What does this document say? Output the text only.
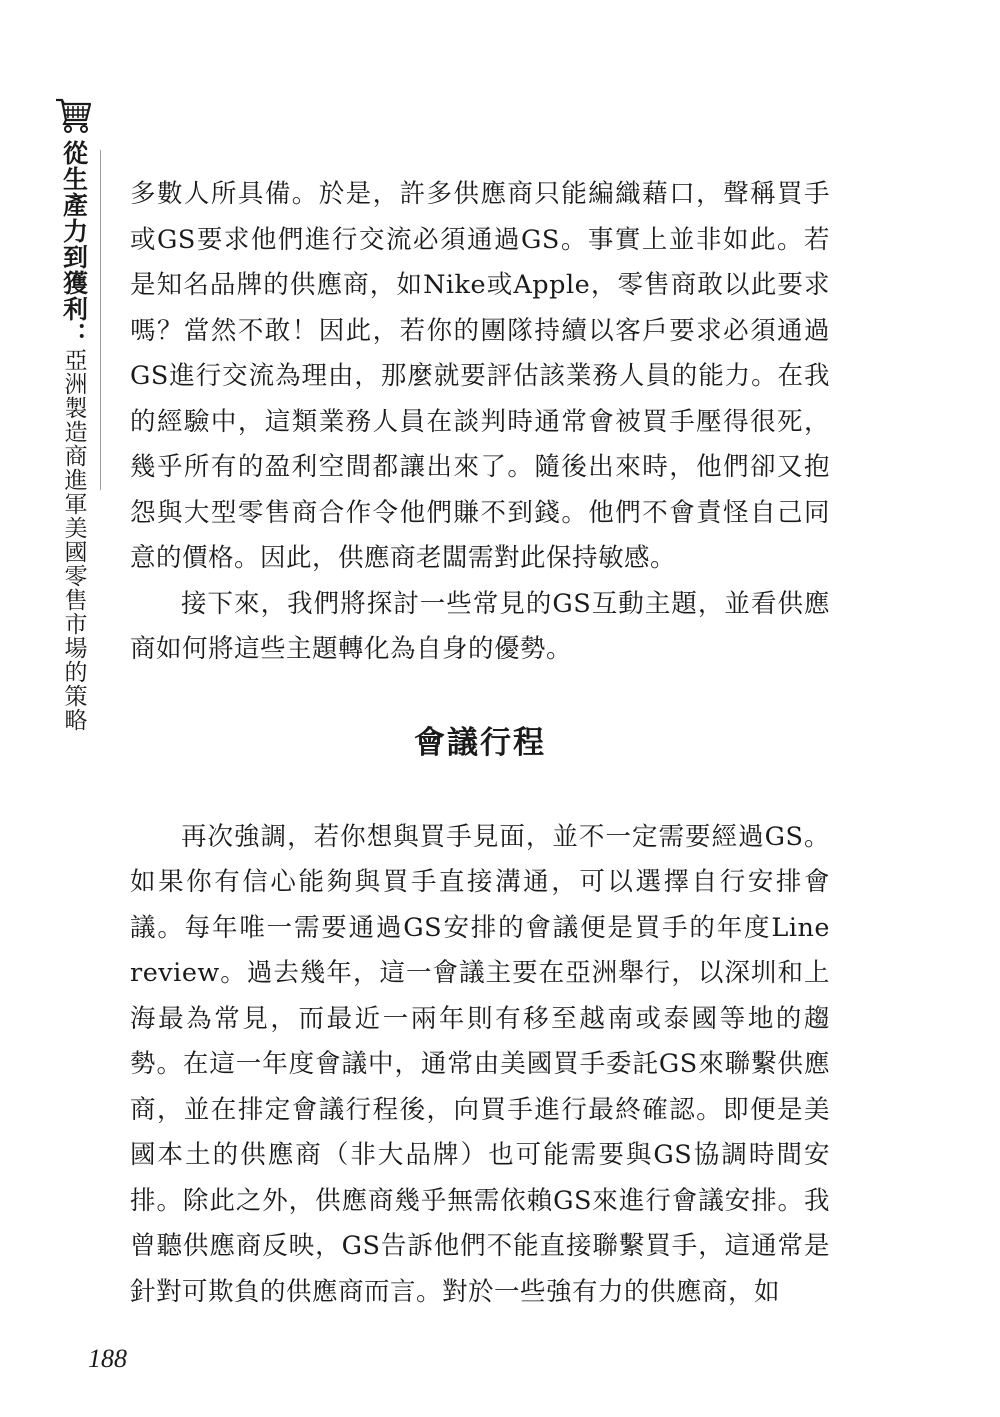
從生產力到獲利：亞洲製造商進軍美國零售市場的策略

多數人所具備。於是，許多供應商只能編織藉口，聲稱買手或GS要求他們進行交流必須通過GS。事實上並非如此。若是知名品牌的供應商，如Nike或Apple，零售商敢以此要求嗎？當然不敢！因此，若你的團隊持續以客戶要求必須通過GS進行交流為理由，那麼就要評估該業務人員的能力。在我的經驗中，這類業務人員在談判時通常會被買手壓得很死，幾乎所有的盈利空間都讓出來了。隨後出來時，他們卻又抱怨與大型零售商合作令他們賺不到錢。他們不會責怪自己同意的價格。因此，供應商老闆需對此保持敏感。

接下來，我們將探討一些常見的GS互動主題，並看供應商如何將這些主題轉化為自身的優勢。

會議行程

再次強調，若你想與買手見面，並不一定需要經過GS。如果你有信心能夠與買手直接溝通，可以選擇自行安排會議。每年唯一需要通過GS安排的會議便是買手的年度Line review。過去幾年，這一會議主要在亞洲舉行，以深圳和上海最為常見，而最近一兩年則有移至越南或泰國等地的趨勢。在這一年度會議中，通常由美國買手委託GS來聯繫供應商，並在排定會議行程後，向買手進行最終確認。即便是美國本土的供應商（非大品牌）也可能需要與GS協調時間安排。除此之外，供應商幾乎無需依賴GS來進行會議安排。我曾聽供應商反映，GS告訴他們不能直接聯繫買手，這通常是針對可欺負的供應商而言。對於一些強有力的供應商，如

188
